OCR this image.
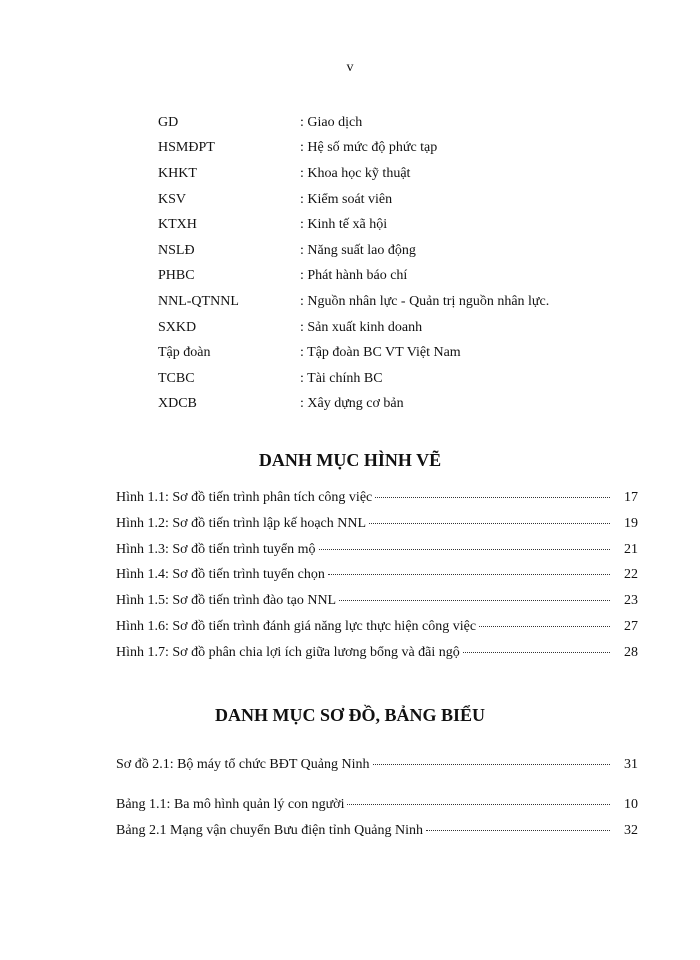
v
GD	: Giao dịch
HSMĐPT	: Hệ số mức độ phức tạp
KHKT	: Khoa học kỹ thuật
KSV	: Kiểm soát viên
KTXH	: Kinh tế xã hội
NSLĐ	: Năng suất lao động
PHBC	: Phát hành báo chí
NNL-QTNNL	: Nguồn nhân lực - Quản trị nguồn nhân lực.
SXKD	: Sản xuất kinh doanh
Tập đoàn	: Tập đoàn BC VT Việt Nam
TCBC	: Tài chính BC
XDCB	: Xây dựng cơ bản
DANH MỤC HÌNH VẼ
Hình 1.1: Sơ đồ tiến trình phân tích công việc	17
Hình 1.2: Sơ đồ tiến trình lập kế hoạch NNL	19
Hình 1.3: Sơ đồ tiến trình tuyển mộ	21
Hình 1.4: Sơ đồ tiến trình tuyển chọn	22
Hình 1.5: Sơ đồ tiến trình đào tạo NNL	23
Hình 1.6: Sơ đồ tiến trình đánh giá năng lực thực hiện công việc	27
Hình 1.7: Sơ đồ phân chia lợi ích giữa lương bổng và đãi ngộ	28
DANH MỤC SƠ ĐỒ, BẢNG BIỂU
Sơ đồ 2.1: Bộ máy tổ chức BĐT Quảng Ninh	31
Bảng 1.1: Ba mô hình quản lý con người	10
Bảng 2.1 Mạng vận chuyển Bưu điện tỉnh Quảng Ninh	32
